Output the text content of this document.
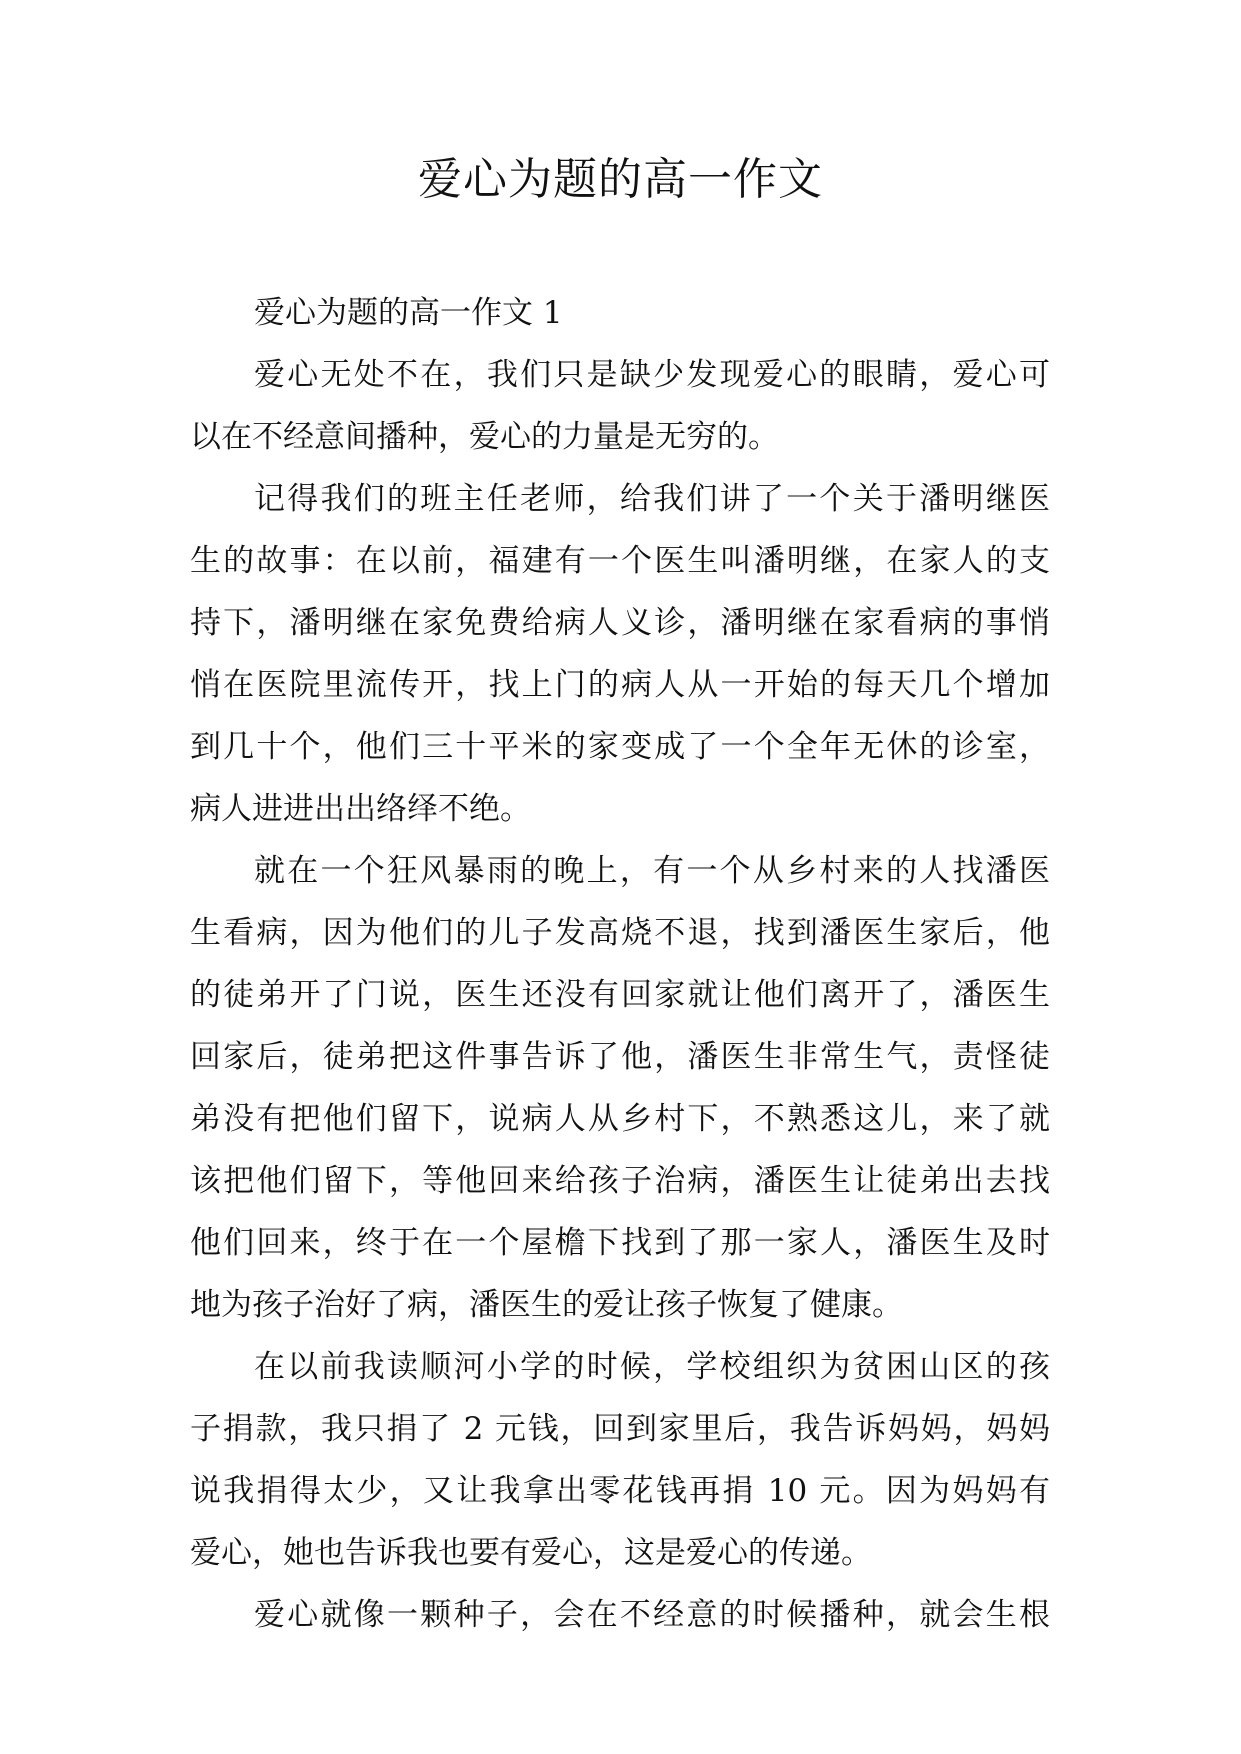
爱心为题的高一作文
爱心为题的高一作文 1
爱心无处不在，我们只是缺少发现爱心的眼睛，爱心可
以在不经意间播种，爱心的力量是无穷的。
记得我们的班主任老师，给我们讲了一个关于潘明继医
生的故事：在以前，福建有一个医生叫潘明继，在家人的支
持下，潘明继在家免费给病人义诊，潘明继在家看病的事悄
悄在医院里流传开，找上门的病人从一开始的每天几个增加
到几十个，他们三十平米的家变成了一个全年无休的诊室，
病人进进出出络绎不绝。
就在一个狂风暴雨的晚上，有一个从乡村来的人找潘医
生看病，因为他们的儿子发高烧不退，找到潘医生家后，他
的徒弟开了门说，医生还没有回家就让他们离开了，潘医生
回家后，徒弟把这件事告诉了他，潘医生非常生气，责怪徒
弟没有把他们留下，说病人从乡村下，不熟悉这儿，来了就
该把他们留下，等他回来给孩子治病，潘医生让徒弟出去找
他们回来，终于在一个屋檐下找到了那一家人，潘医生及时
地为孩子治好了病，潘医生的爱让孩子恢复了健康。
在以前我读顺河小学的时候，学校组织为贫困山区的孩
子捐款，我只捐了 2 元钱，回到家里后，我告诉妈妈，妈妈
说我捐得太少，又让我拿出零花钱再捐 10 元。因为妈妈有
爱心，她也告诉我也要有爱心，这是爱心的传递。
爱心就像一颗种子，会在不经意的时候播种，就会生根
